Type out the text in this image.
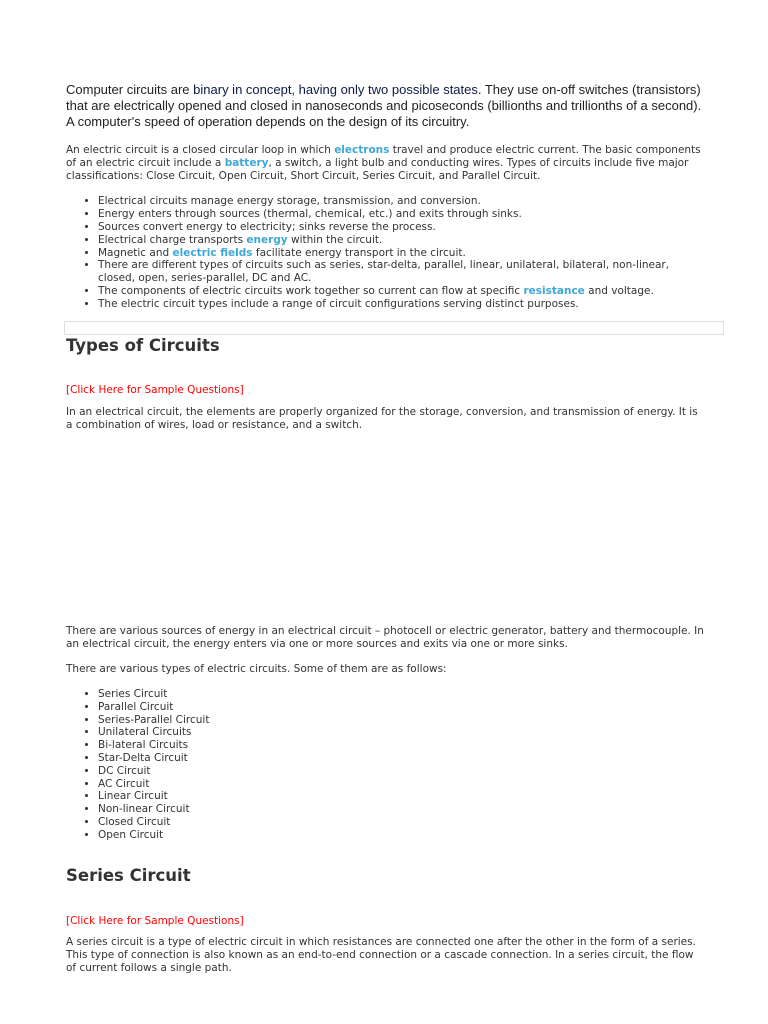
Computer circuits are binary in concept, having only two possible states. They use on-off switches (transistors) that are electrically opened and closed in nanoseconds and picoseconds (billionths and trillionths of a second). A computer's speed of operation depends on the design of its circuitry.

An electric circuit is a closed circular loop in which electrons travel and produce electric current. The basic components of an electric circuit include a battery, a switch, a light bulb and conducting wires. Types of circuits include five major classifications: Close Circuit, Open Circuit, Short Circuit, Series Circuit, and Parallel Circuit.

• Electrical circuits manage energy storage, transmission, and conversion.
• Energy enters through sources (thermal, chemical, etc.) and exits through sinks.
• Sources convert energy to electricity; sinks reverse the process.
• Electrical charge transports energy within the circuit.
• Magnetic and electric fields facilitate energy transport in the circuit.
• There are different types of circuits such as series, star-delta, parallel, linear, unilateral, bilateral, non-linear, closed, open, series-parallel, DC and AC.
• The components of electric circuits work together so current can flow at specific resistance and voltage.
• The electric circuit types include a range of circuit configurations serving distinct purposes.
Types of Circuits
[Click Here for Sample Questions]

In an electrical circuit, the elements are properly organized for the storage, conversion, and transmission of energy. It is a combination of wires, load or resistance, and a switch.

There are various sources of energy in an electrical circuit – photocell or electric generator, battery and thermocouple. In an electrical circuit, the energy enters via one or more sources and exits via one or more sinks.

There are various types of electric circuits. Some of them are as follows:

• Series Circuit
• Parallel Circuit
• Series-Parallel Circuit
• Unilateral Circuits
• Bi-lateral Circuits
• Star-Delta Circuit
• DC Circuit
• AC Circuit
• Linear Circuit
• Non-linear Circuit
• Closed Circuit
• Open Circuit
Series Circuit
[Click Here for Sample Questions]

A series circuit is a type of electric circuit in which resistances are connected one after the other in the form of a series. This type of connection is also known as an end-to-end connection or a cascade connection. In a series circuit, the flow of current follows a single path.
